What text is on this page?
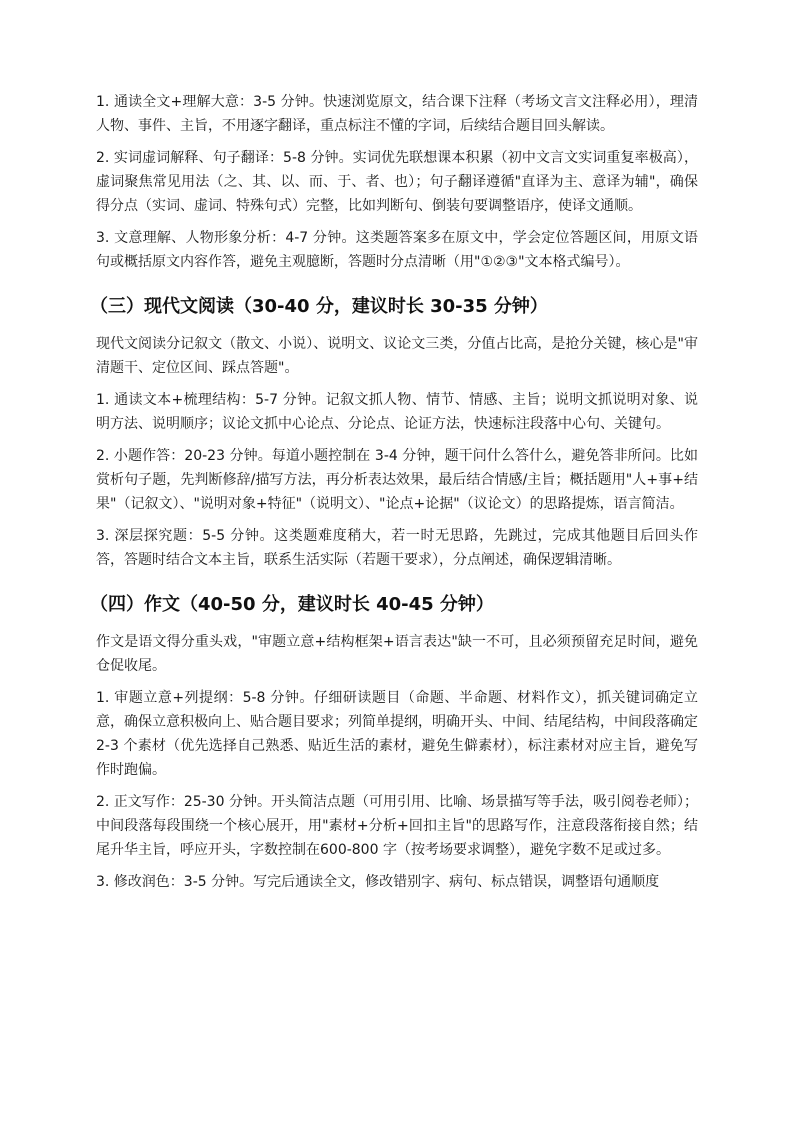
1. 通读全文+理解大意：3-5 分钟。快速浏览原文，结合课下注释（考场文言文注释必用），理清人物、事件、主旨，不用逐字翻译，重点标注不懂的字词，后续结合题目回头解读。

2. 实词虚词解释、句子翻译：5-8 分钟。实词优先联想课本积累（初中文言文实词重复率极高），虚词聚焦常见用法（之、其、以、而、于、者、也）；句子翻译遵循"直译为主、意译为辅"，确保得分点（实词、虚词、特殊句式）完整，比如判断句、倒装句要调整语序，使译文通顺。

3. 文意理解、人物形象分析：4-7 分钟。这类题答案多在原文中，学会定位答题区间，用原文语句或概括原文内容作答，避免主观臆断，答题时分点清晰（用"①②③"文本格式编号）。

（三）现代文阅读（30-40 分，建议时长 30-35 分钟）

现代文阅读分记叙文（散文、小说）、说明文、议论文三类，分值占比高，是抢分关键，核心是"审清题干、定位区间、踩点答题"。

1. 通读文本+梳理结构：5-7 分钟。记叙文抓人物、情节、情感、主旨；说明文抓说明对象、说明方法、说明顺序；议论文抓中心论点、分论点、论证方法，快速标注段落中心句、关键句。

2. 小题作答：20-23 分钟。每道小题控制在 3-4 分钟，题干问什么答什么，避免答非所问。比如赏析句子题，先判断修辞/描写方法，再分析表达效果，最后结合情感/主旨；概括题用"人+事+结果"（记叙文）、"说明对象+特征"（说明文）、"论点+论据"（议论文）的思路提炼，语言简洁。

3. 深层探究题：5-5 分钟。这类题难度稍大，若一时无思路，先跳过，完成其他题目后回头作答，答题时结合文本主旨，联系生活实际（若题干要求），分点阐述，确保逻辑清晰。

（四）作文（40-50 分，建议时长 40-45 分钟）

作文是语文得分重头戏，"审题立意+结构框架+语言表达"缺一不可，且必须预留充足时间，避免仓促收尾。

1. 审题立意+列提纲：5-8 分钟。仔细研读题目（命题、半命题、材料作文），抓关键词确定立意，确保立意积极向上、贴合题目要求；列简单提纲，明确开头、中间、结尾结构，中间段落确定 2-3 个素材（优先选择自己熟悉、贴近生活的素材，避免生僻素材），标注素材对应主旨，避免写作时跑偏。

2. 正文写作：25-30 分钟。开头简洁点题（可用引用、比喻、场景描写等手法，吸引阅卷老师）；中间段落每段围绕一个核心展开，用"素材+分析+回扣主旨"的思路写作，注意段落衔接自然；结尾升华主旨，呼应开头，字数控制在600-800 字（按考场要求调整），避免字数不足或过多。

3. 修改润色：3-5 分钟。写完后通读全文，修改错别字、病句、标点错误，调整语句通顺度
